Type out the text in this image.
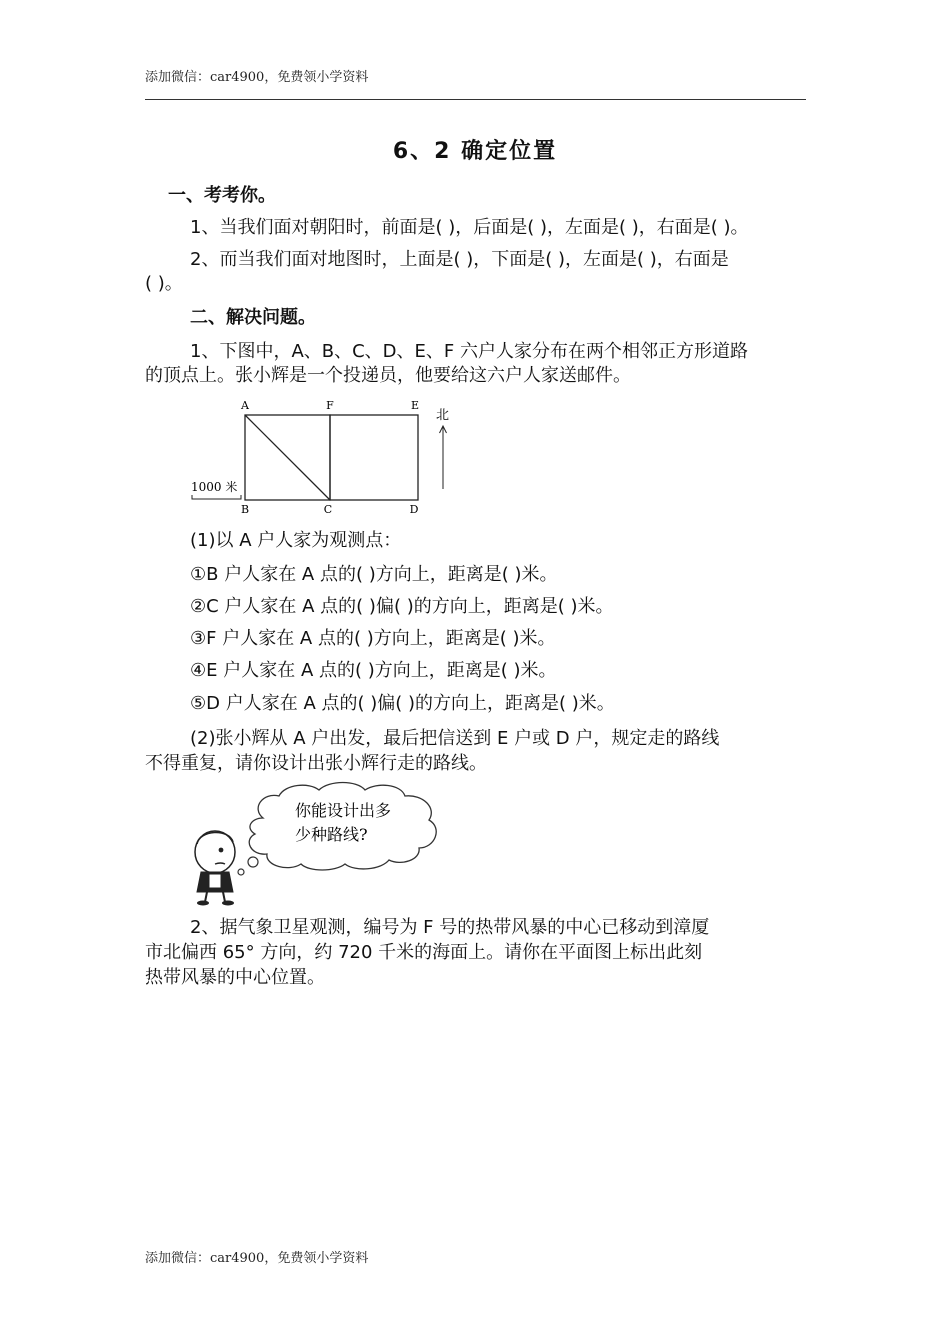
添加微信：car4900，免费领小学资料
6、2 确定位置
一、考考你。
1、当我们面对朝阳时，前面是( )，后面是( )，左面是( )，右面是( )。
2、而当我们面对地图时，上面是( )，下面是( )，左面是( )，右面是
( )。
二、解决问题。
1、下图中，A、B、C、D、E、F 六户人家分布在两个相邻正方形道路
的顶点上。张小辉是一个投递员，他要给这六户人家送邮件。
A	F	E
B	C	D
北
1000 米
(1)以 A 户人家为观测点：
①B 户人家在 A 点的( )方向上，距离是( )米。
②C 户人家在 A 点的( )偏( )的方向上，距离是( )米。
③F 户人家在 A 点的( )方向上，距离是( )米。
④E 户人家在 A 点的( )方向上，距离是( )米。
⑤D 户人家在 A 点的( )偏( )的方向上，距离是( )米。
(2)张小辉从 A 户出发，最后把信送到 E 户或 D 户，规定走的路线
不得重复，请你设计出张小辉行走的路线。
你能设计出多
少种路线?
2、据气象卫星观测，编号为 F 号的热带风暴的中心已移动到漳厦
市北偏西 65° 方向，约 720 千米的海面上。请你在平面图上标出此刻
热带风暴的中心位置。
添加微信：car4900，免费领小学资料
